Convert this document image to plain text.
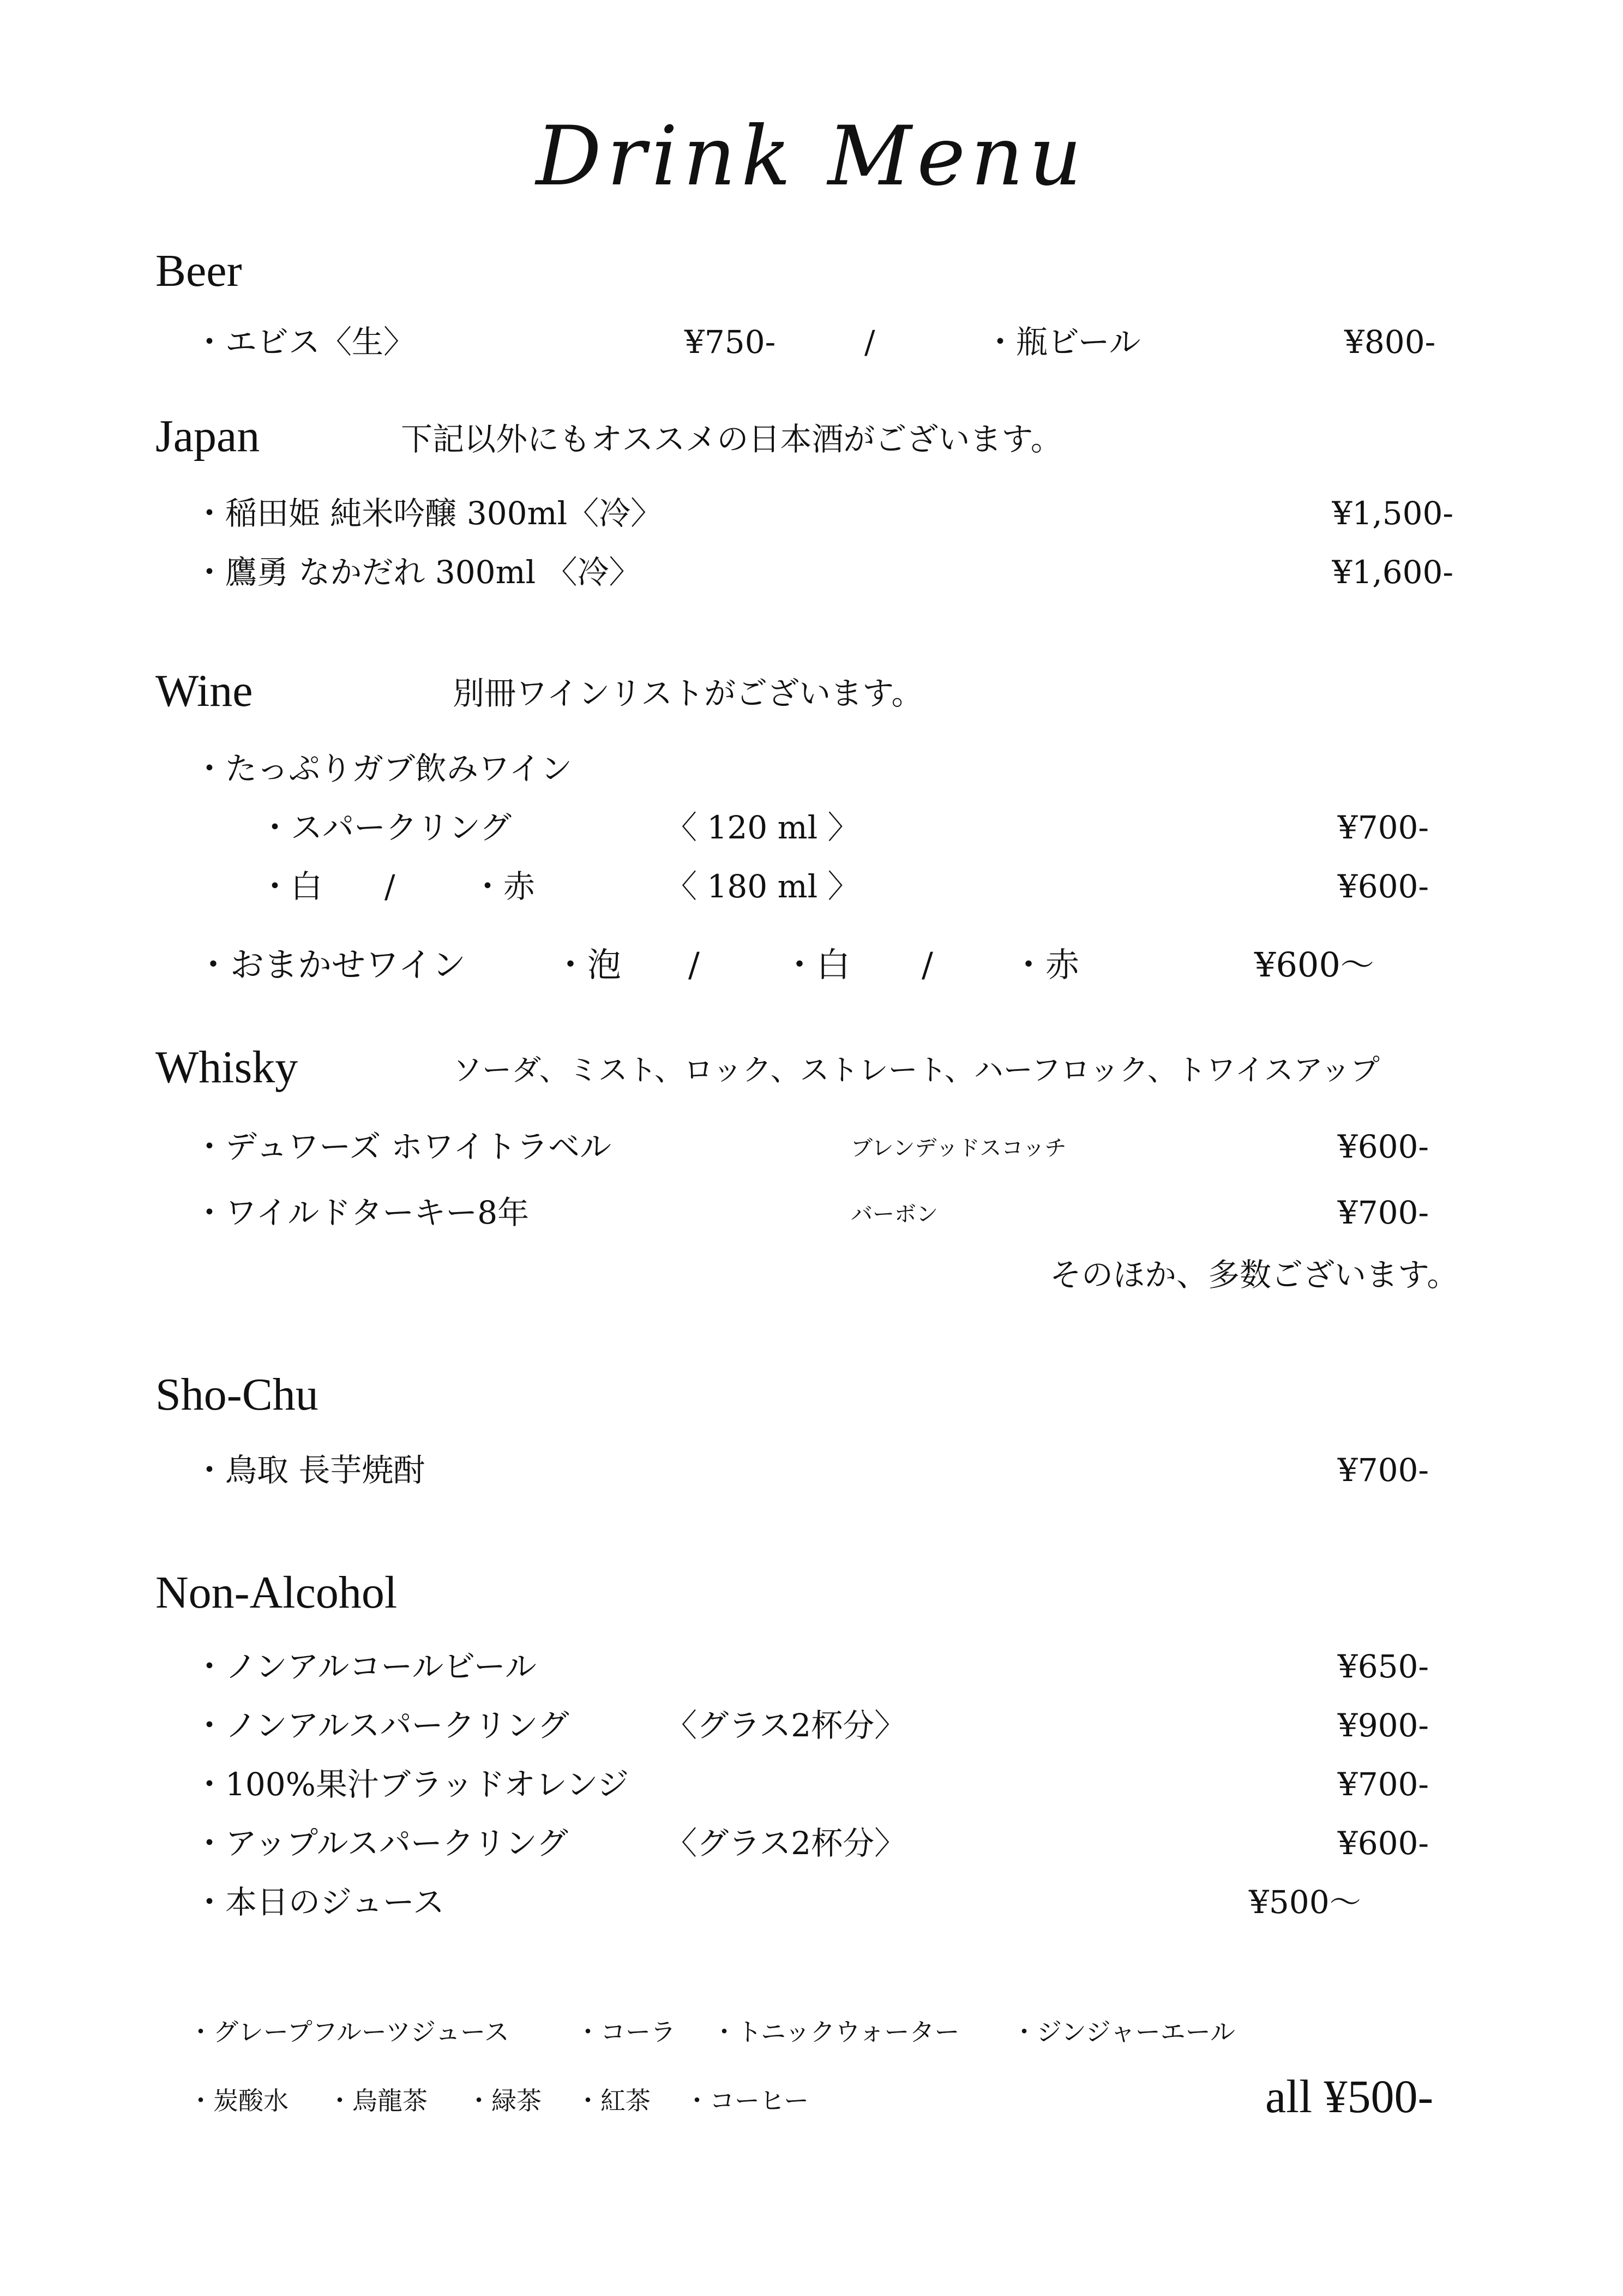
Drink Menu
Beer
・エビス〈生〉	¥750-	/	・瓶ビール	¥800-
Japan	下記以外にもオススメの日本酒がございます。
・稲田姫 純米吟醸 300ml〈冷〉	¥1,500-
・鷹勇 なかだれ 300ml 〈冷〉	¥1,600-
Wine	別冊ワインリストがございます。
・たっぷりガブ飲みワイン
・スパークリング	〈 120 ml 〉	¥700-
・白 / ・赤	〈 180 ml 〉	¥600-
・おまかせワイン	・泡 / ・白 / ・赤	¥600〜
Whisky	ソーダ、ミスト、ロック、ストレート、ハーフロック、トワイスアップ
・デュワーズ ホワイトラベル	ブレンデッドスコッチ	¥600-
・ワイルドターキー8年	バーボン	¥700-
そのほか、多数ございます。
Sho-Chu
・鳥取 長芋焼酎	¥700-
Non-Alcohol
・ノンアルコールビール	¥650-
・ノンアルスパークリング	〈グラス2杯分〉	¥900-
・100%果汁ブラッドオレンジ	¥700-
・アップルスパークリング	〈グラス2杯分〉	¥600-
・本日のジュース	¥500〜
・グレープフルーツジュース	・コーラ ・トニックウォーター ・ジンジャーエール
・炭酸水 ・烏龍茶 ・緑茶 ・紅茶 ・コーヒー	all ¥500-
